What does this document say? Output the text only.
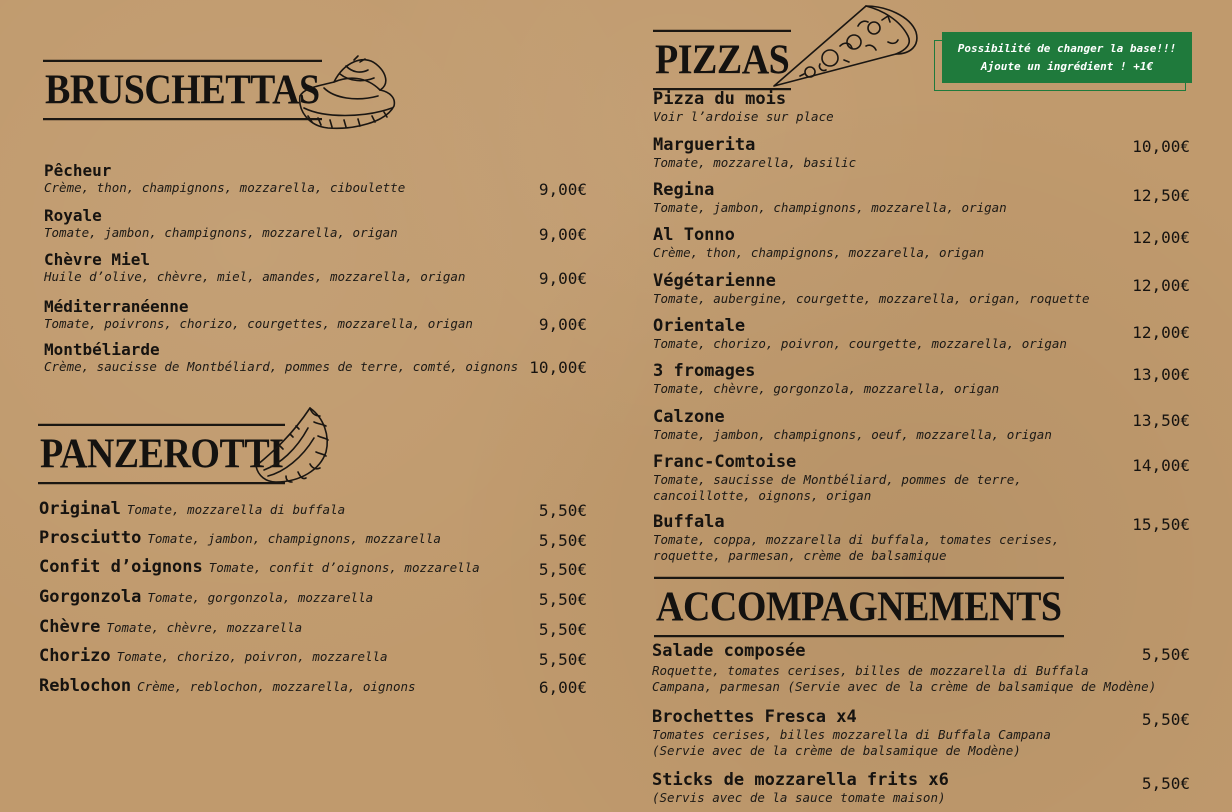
BRUSCHETTAS
Pêcheur
Crème, thon, champignons, mozzarella, ciboulette	9,00€
Royale
Tomate, jambon, champignons, mozzarella, origan	9,00€
Chèvre Miel
Huile d’olive, chèvre, miel, amandes, mozzarella, origan	9,00€
Méditerranéenne
Tomate, poivrons, chorizo, courgettes, mozzarella, origan	9,00€
Montbéliarde
Crème, saucisse de Montbéliard, pommes de terre, comté, oignons 10,00€
PANZEROTTI
Original Tomate, mozzarella di buffala	5,50€
Prosciutto Tomate, jambon, champignons, mozzarella	5,50€
Confit d’oignons Tomate, confit d’oignons, mozzarella	5,50€
Gorgonzola Tomate, gorgonzola, mozzarella	5,50€
Chèvre Tomate, chèvre, mozzarella	5,50€
Chorizo Tomate, chorizo, poivron, mozzarella	5,50€
Reblochon Crème, reblochon, mozzarella, oignons	6,00€
PIZZAS	Possibilité de changer la base!!!
Ajoute un ingrédient ! +1€
Pizza du mois
Voir l’ardoise sur place
Marguerita
Tomate, mozzarella, basilic
10,00€
Regina
Tomate, jambon, champignons, mozzarella, origan
12,50€
Al Tonno
Crème, thon, champignons, mozzarella, origan
12,00€
Végétarienne
Tomate, aubergine, courgette, mozzarella, origan, roquette
12,00€
Orientale
Tomate, chorizo, poivron, courgette, mozzarella, origan
12,00€
3 fromages
Tomate, chèvre, gorgonzola, mozzarella, origan
13,00€
Calzone
Tomate, jambon, champignons, oeuf, mozzarella, origan
13,50€
Franc-Comtoise
Tomate, saucisse de Montbéliard, pommes de terre,
cancoillotte, oignons, origan
14,00€
Buffala
Tomate, coppa, mozzarella di buffala, tomates cerises,
roquette, parmesan, crème de balsamique
15,50€
ACCOMPAGNEMENTS
Salade composée
Roquette, tomates cerises, billes de mozzarella di Buffala
Campana, parmesan (Servie avec de la crème de balsamique de Modène)
5,50€
Brochettes Fresca x4
Tomates cerises, billes mozzarella di Buffala Campana
(Servie avec de la crème de balsamique de Modène)
5,50€
Sticks de mozzarella frits x6
(Servis avec de la sauce tomate maison)
5,50€
